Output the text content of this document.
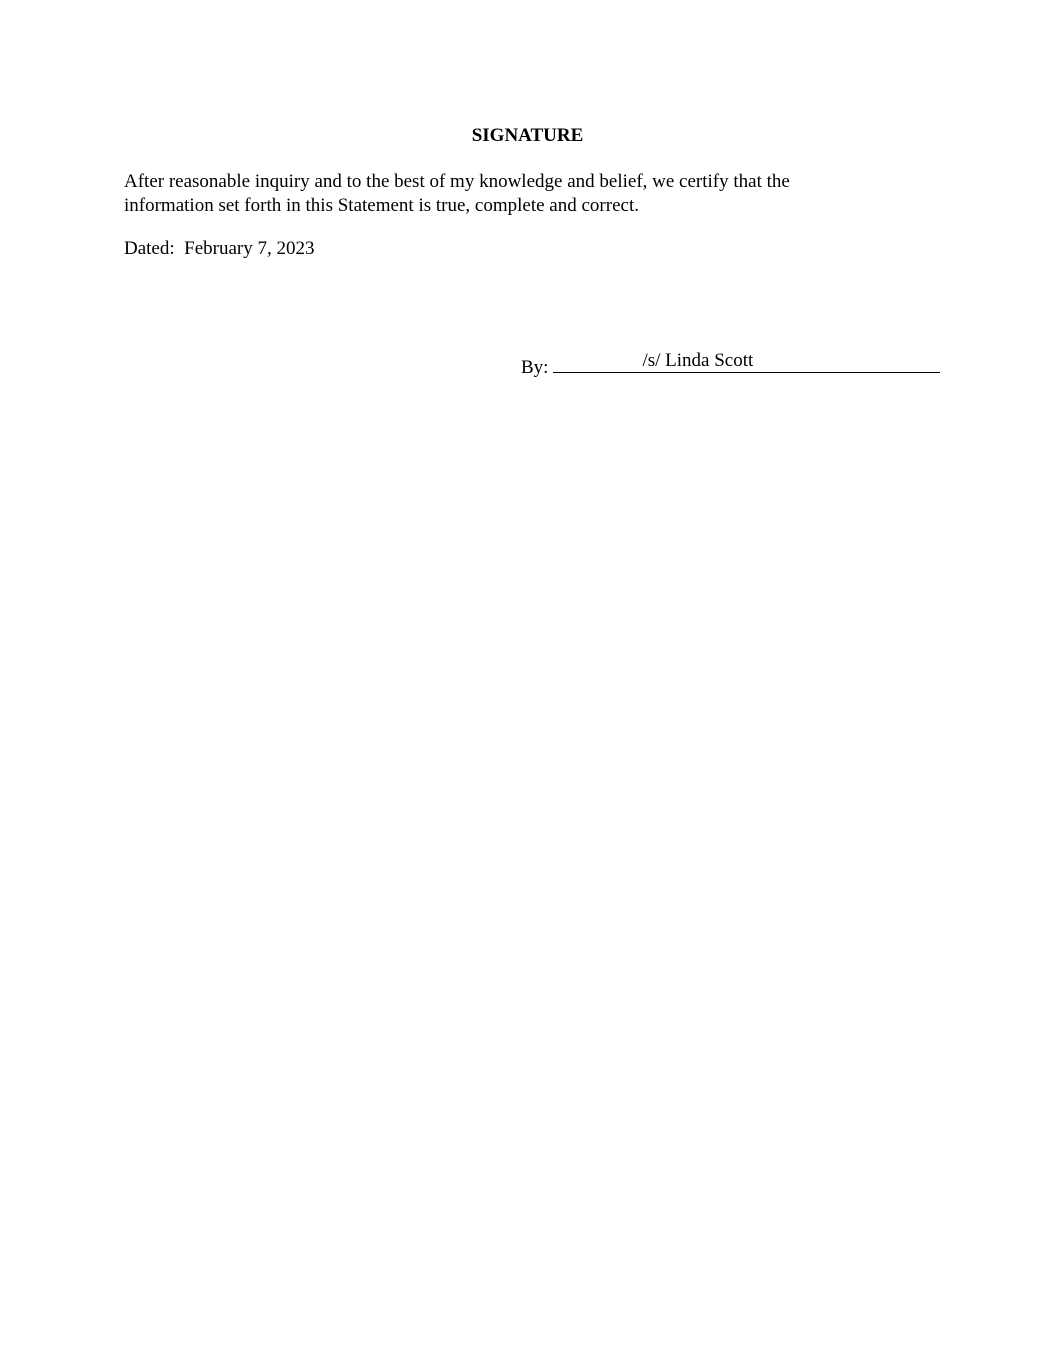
SIGNATURE

After reasonable inquiry and to the best of my knowledge and belief, we certify that the
information set forth in this Statement is true, complete and correct.

Dated: February 7, 2023

By:	/s/ Linda Scott
